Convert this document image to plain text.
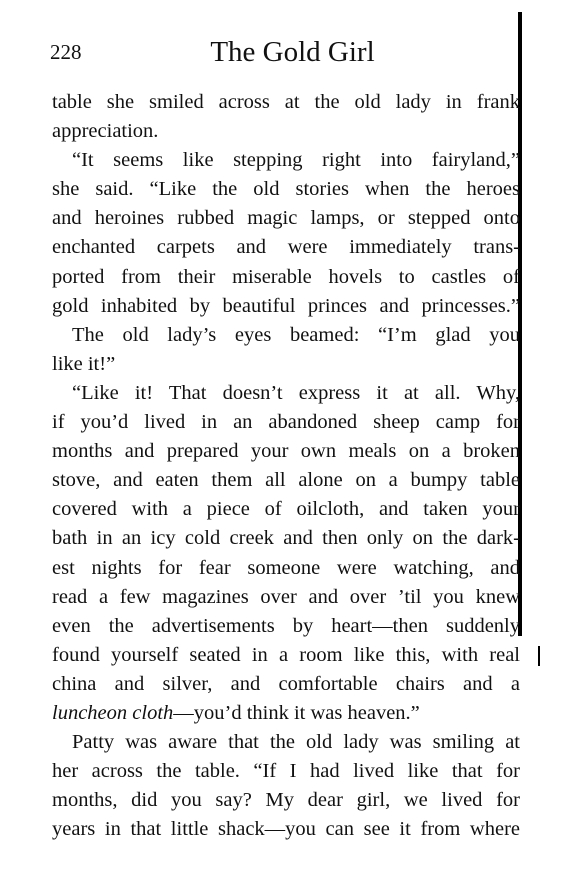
228	The Gold Girl
table she smiled across at the old lady in frank
appreciation.
“It seems like stepping right into fairyland,”
she said. “Like the old stories when the heroes
and heroines rubbed magic lamps, or stepped onto
enchanted carpets and were immediately trans-
ported from their miserable hovels to castles of
gold inhabited by beautiful princes and princesses.”
The old lady’s eyes beamed: “I’m glad you
like it!”
“Like it! That doesn’t express it at all. Why,
if you’d lived in an abandoned sheep camp for
months and prepared your own meals on a broken
stove, and eaten them all alone on a bumpy table
covered with a piece of oilcloth, and taken your
bath in an icy cold creek and then only on the dark-
est nights for fear someone were watching, and
read a few magazines over and over ’til you knew
even the advertisements by heart—then suddenly
found yourself seated in a room like this, with real
china and silver, and comfortable chairs and a
luncheon cloth—you’d think it was heaven.”
Patty was aware that the old lady was smiling at
her across the table. “If I had lived like that for
months, did you say? My dear girl, we lived for
years in that little shack—you can see it from where
